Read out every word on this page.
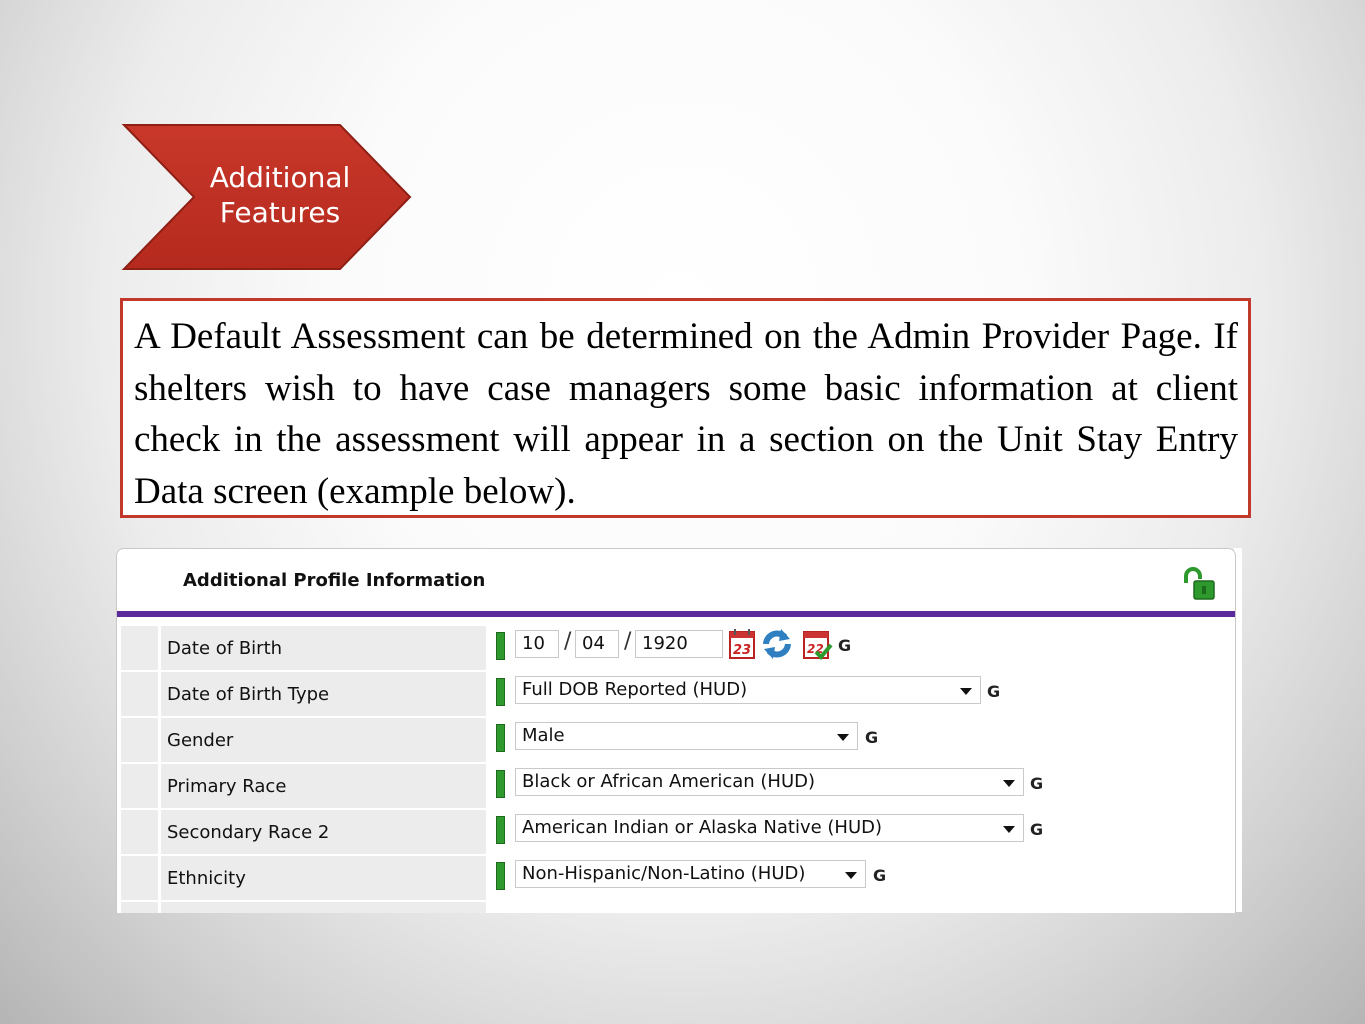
Additional
Features

A Default Assessment can be determined on the Admin Provider Page. If shelters wish to have case managers some basic information at client check in the assessment will appear in a section on the Unit Stay Entry Data screen (example below).

Additional Profile Information
Date of Birth	10 / 04 / 1920	23	22 G
Date of Birth Type	Full DOB Reported (HUD)	G
Gender	Male	G
Primary Race	Black or African American (HUD)	G
Secondary Race 2	American Indian or Alaska Native (HUD)	G
Ethnicity	Non-Hispanic/Non-Latino (HUD)	G
